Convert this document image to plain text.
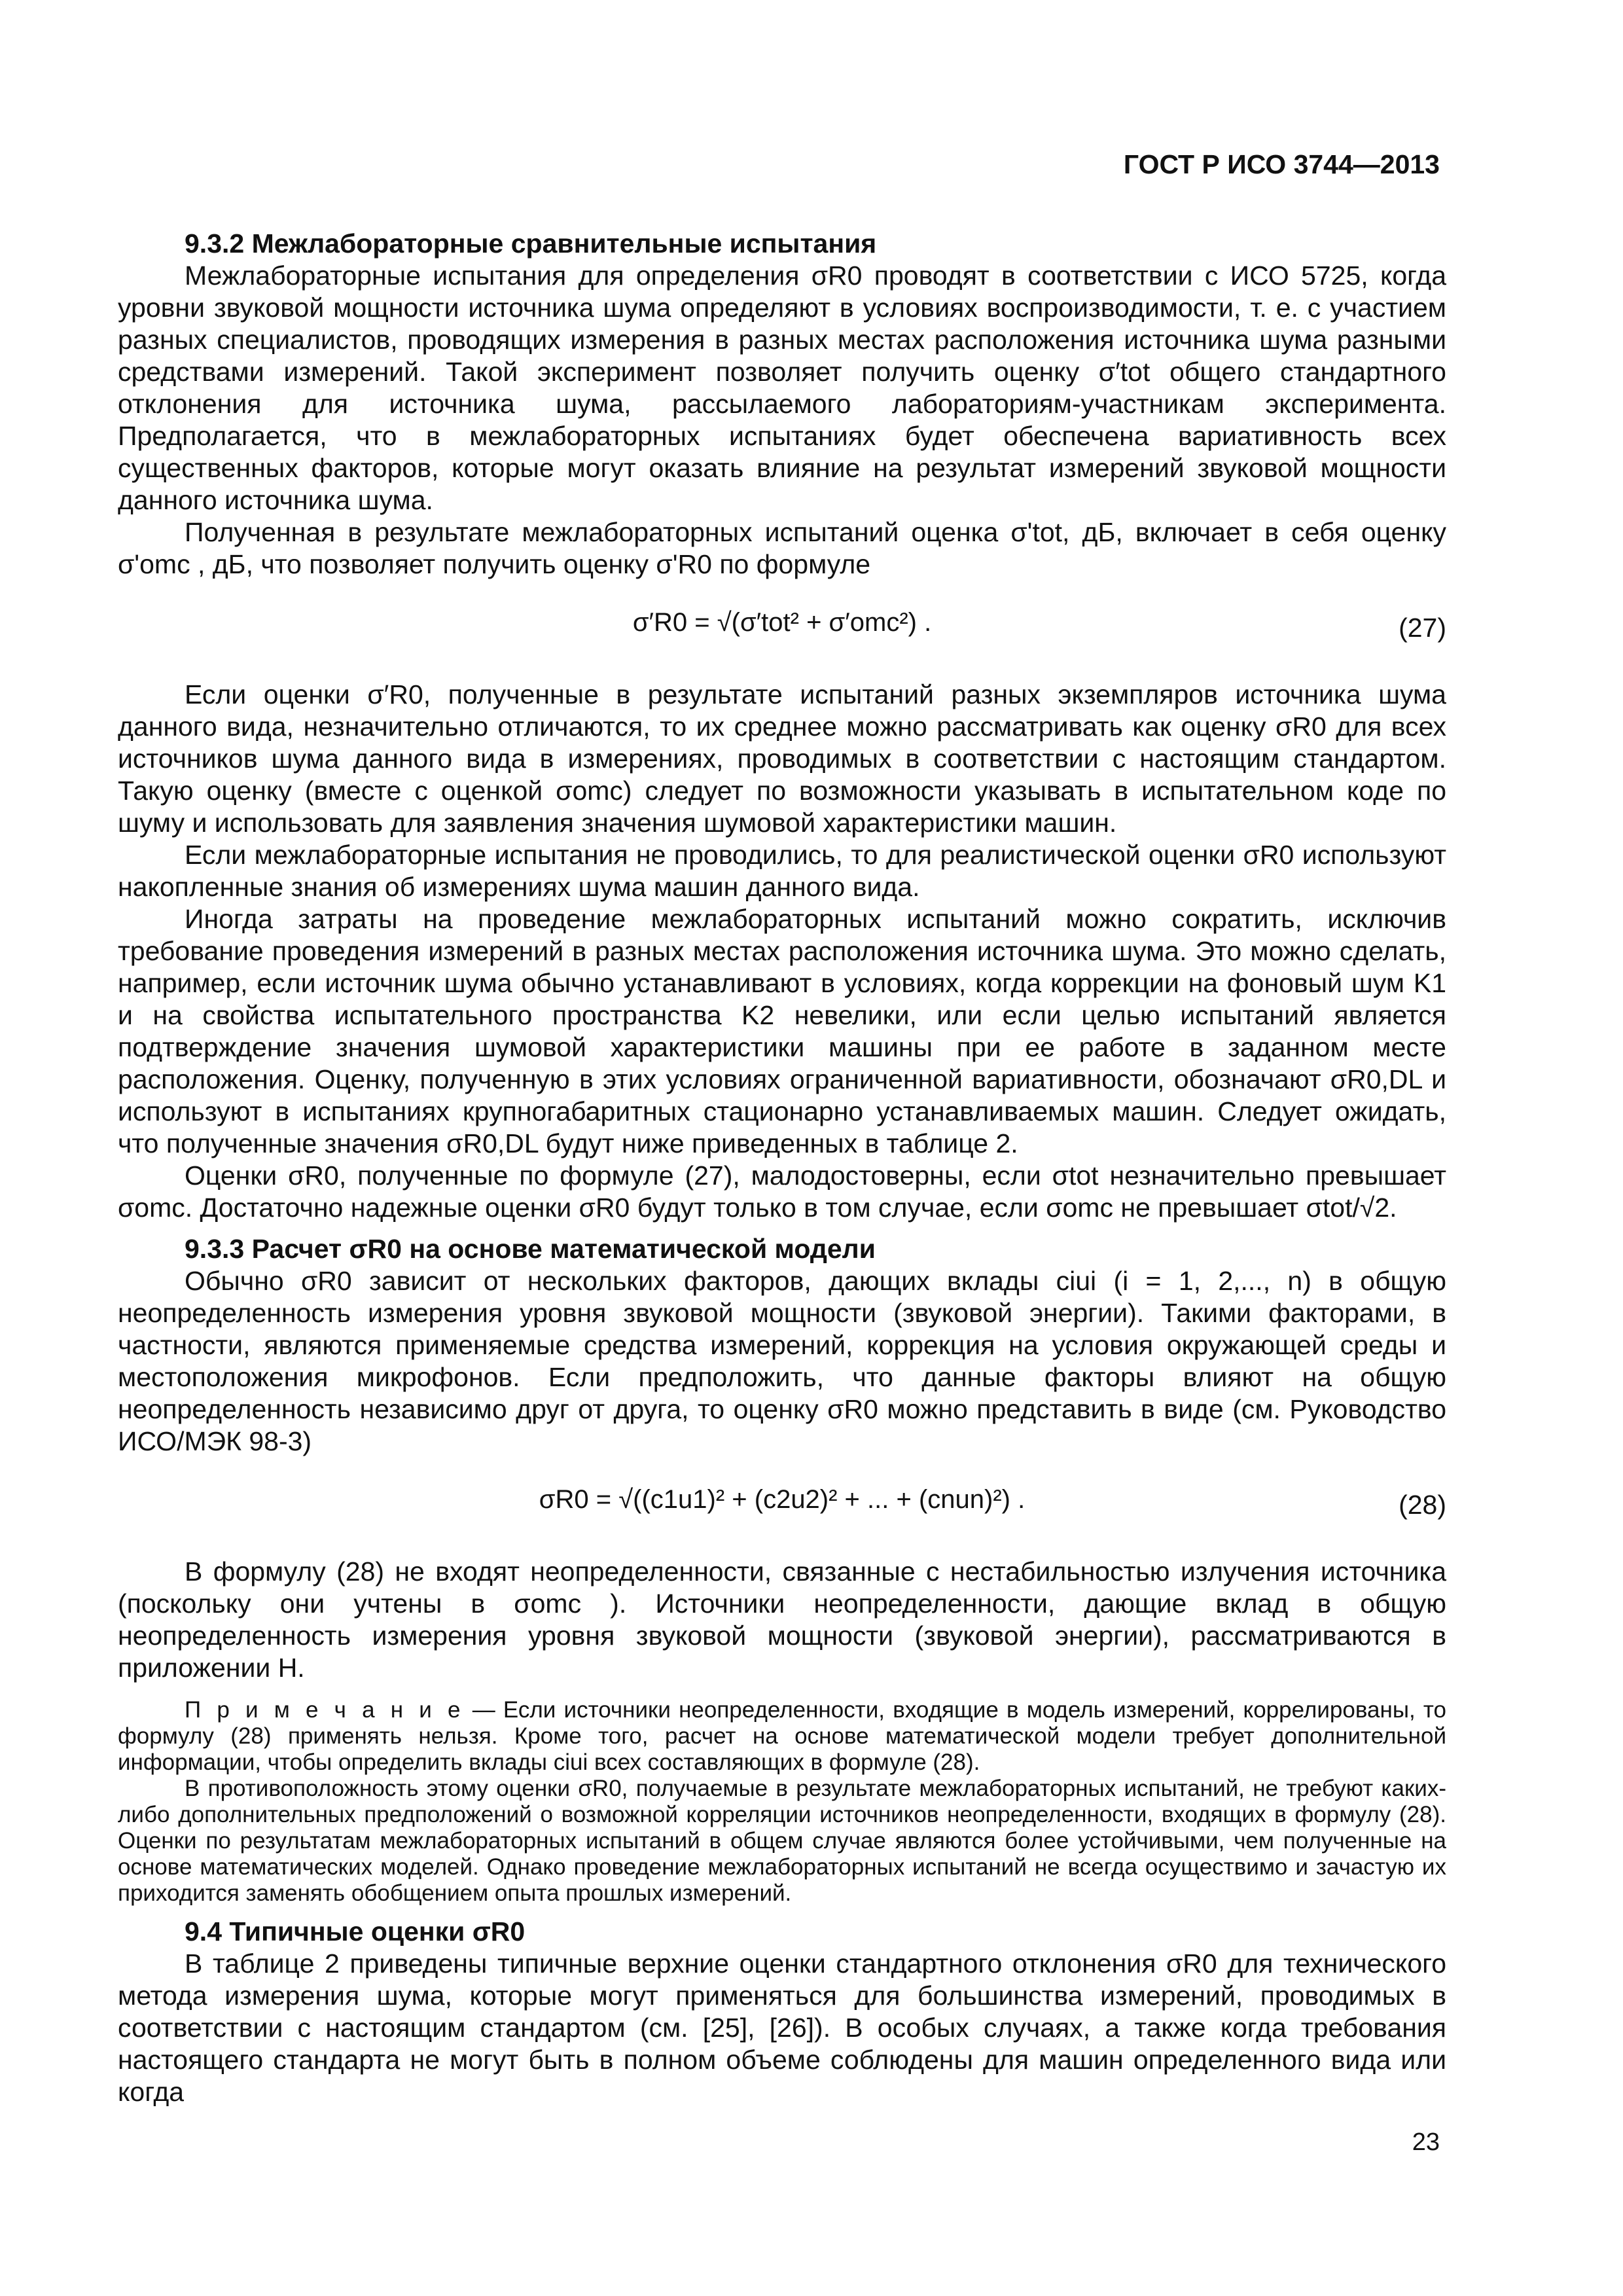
ГОСТ Р ИСО 3744—2013
9.3.2 Межлабораторные сравнительные испытания

Межлабораторные испытания для определения σR0 проводят в соответствии с ИСО 5725, когда уровни звуковой мощности источника шума определяют в условиях воспроизводимости, т. е. с участием разных специалистов, проводящих измерения в разных местах расположения источника шума разными средствами измерений. Такой эксперимент позволяет получить оценку σ′tot общего стандартного отклонения для источника шума, рассылаемого лабораториям-участникам эксперимента. Предполагается, что в межлабораторных испытаниях будет обеспечена вариативность всех существенных факторов, которые могут оказать влияние на результат измерений звуковой мощности данного источника шума.

Полученная в результате межлабораторных испытаний оценка σ'tot, дБ, включает в себя оценку σ'omc , дБ, что позволяет получить оценку σ'R0 по формуле

σ′R0 = √(σ′tot² + σ′omc²) .	(27)

Если оценки σ′R0, полученные в результате испытаний разных экземпляров источника шума данного вида, незначительно отличаются, то их среднее можно рассматривать как оценку σR0 для всех источников шума данного вида в измерениях, проводимых в соответствии с настоящим стандартом. Такую оценку (вместе с оценкой σomc) следует по возможности указывать в испытательном коде по шуму и использовать для заявления значения шумовой характеристики машин.

Если межлабораторные испытания не проводились, то для реалистической оценки σR0 используют накопленные знания об измерениях шума машин данного вида.

Иногда затраты на проведение межлабораторных испытаний можно сократить, исключив требование проведения измерений в разных местах расположения источника шума. Это можно сделать, например, если источник шума обычно устанавливают в условиях, когда коррекции на фоновый шум K1 и на свойства испытательного пространства K2 невелики, или если целью испытаний является подтверждение значения шумовой характеристики машины при ее работе в заданном месте расположения. Оценку, полученную в этих условиях ограниченной вариативности, обозначают σR0,DL и используют в испытаниях крупногабаритных стационарно устанавливаемых машин. Следует ожидать, что полученные значения σR0,DL будут ниже приведенных в таблице 2.

Оценки σR0, полученные по формуле (27), малодостоверны, если σtot незначительно превышает σomc. Достаточно надежные оценки σR0 будут только в том случае, если σomc не превышает σtot/√2.

9.3.3 Расчет σR0 на основе математической модели

Обычно σR0 зависит от нескольких факторов, дающих вклады ciui (i = 1, 2,..., n) в общую неопределенность измерения уровня звуковой мощности (звуковой энергии). Такими факторами, в частности, являются применяемые средства измерений, коррекция на условия окружающей среды и местоположения микрофонов. Если предположить, что данные факторы влияют на общую неопределенность независимо друг от друга, то оценку σR0 можно представить в виде (см. Руководство ИСО/МЭК 98-3)

σR0 = √((c1u1)² + (c2u2)² + ... + (cnun)²) .	(28)

В формулу (28) не входят неопределенности, связанные с нестабильностью излучения источника (поскольку они учтены в σomc ). Источники неопределенности, дающие вклад в общую неопределенность измерения уровня звуковой мощности (звуковой энергии), рассматриваются в приложении H.

П р и м е ч а н и е — Если источники неопределенности, входящие в модель измерений, коррелированы, то формулу (28) применять нельзя. Кроме того, расчет на основе математической модели требует дополнительной информации, чтобы определить вклады ciui всех составляющих в формуле (28).

В противоположность этому оценки σR0, получаемые в результате межлабораторных испытаний, не требуют каких-либо дополнительных предположений о возможной корреляции источников неопределенности, входящих в формулу (28). Оценки по результатам межлабораторных испытаний в общем случае являются более устойчивыми, чем полученные на основе математических моделей. Однако проведение межлабораторных испытаний не всегда осуществимо и зачастую их приходится заменять обобщением опыта прошлых измерений.

9.4 Типичные оценки σR0

В таблице 2 приведены типичные верхние оценки стандартного отклонения σR0 для технического метода измерения шума, которые могут применяться для большинства измерений, проводимых в соответствии с настоящим стандартом (см. [25], [26]). В особых случаях, а также когда требования настоящего стандарта не могут быть в полном объеме соблюдены для машин определенного вида или когда

23
